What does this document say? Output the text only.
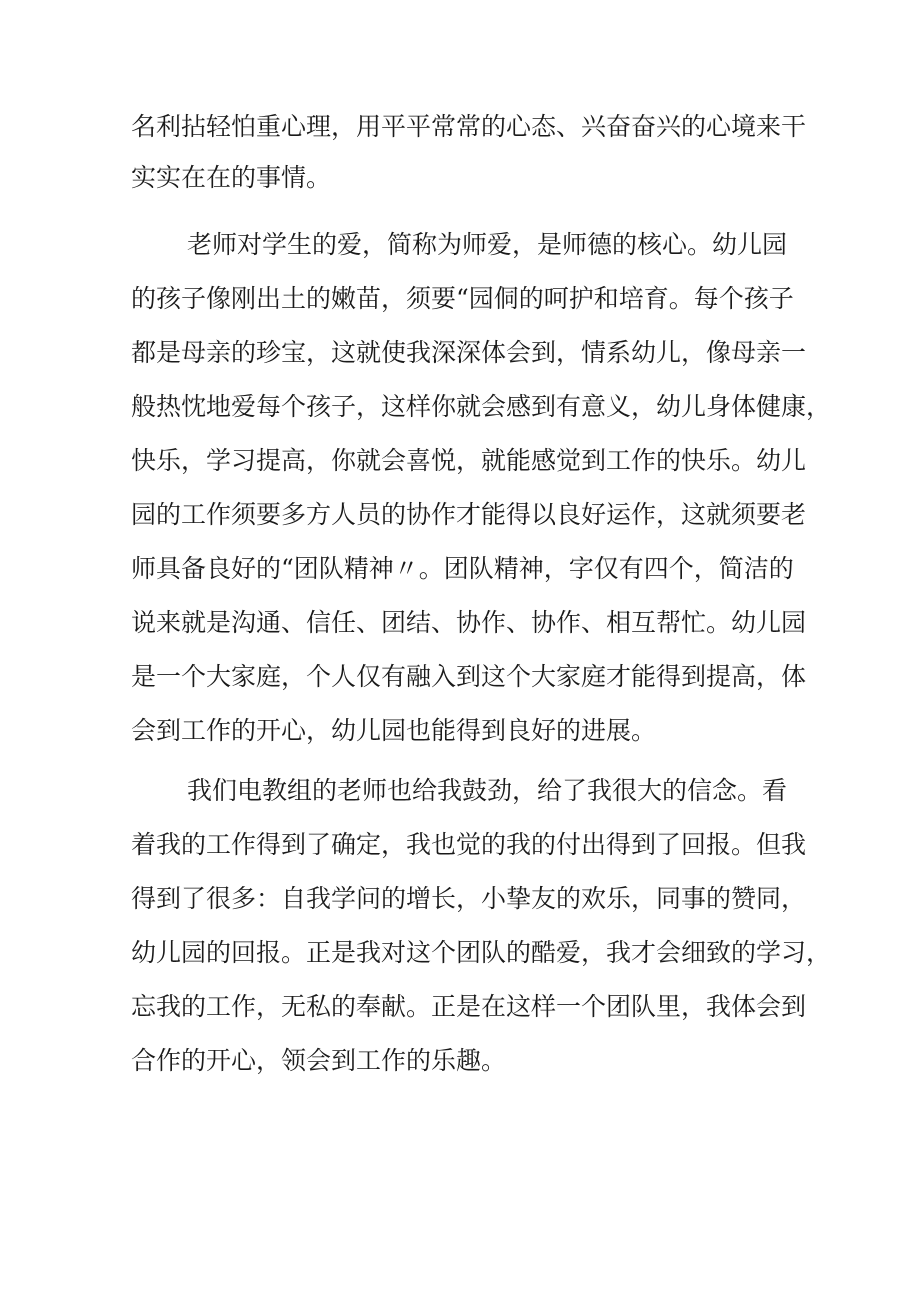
名利拈轻怕重心理，用平平常常的心态、兴奋奋兴的心境来干
实实在在的事情。
老师对学生的爱，简称为师爱，是师德的核心。幼儿园
的孩子像刚出土的嫩苗，须要“园侗的呵护和培育。每个孩子
都是母亲的珍宝，这就使我深深体会到，情系幼儿，像母亲一
般热忱地爱每个孩子，这样你就会感到有意义，幼儿身体健康，
快乐，学习提高，你就会喜悦，就能感觉到工作的快乐。幼儿
园的工作须要多方人员的协作才能得以良好运作，这就须要老
师具备良好的“团队精神〃。团队精神，字仅有四个，简洁的
说来就是沟通、信任、团结、协作、协作、相互帮忙。幼儿园
是一个大家庭，个人仅有融入到这个大家庭才能得到提高，体
会到工作的开心，幼儿园也能得到良好的进展。
我们电教组的老师也给我鼓劲，给了我很大的信念。看
着我的工作得到了确定，我也觉的我的付出得到了回报。但我
得到了很多：自我学问的增长，小挚友的欢乐，同事的赞同，
幼儿园的回报。正是我对这个团队的酷爱，我才会细致的学习，
忘我的工作，无私的奉献。正是在这样一个团队里，我体会到
合作的开心，领会到工作的乐趣。
